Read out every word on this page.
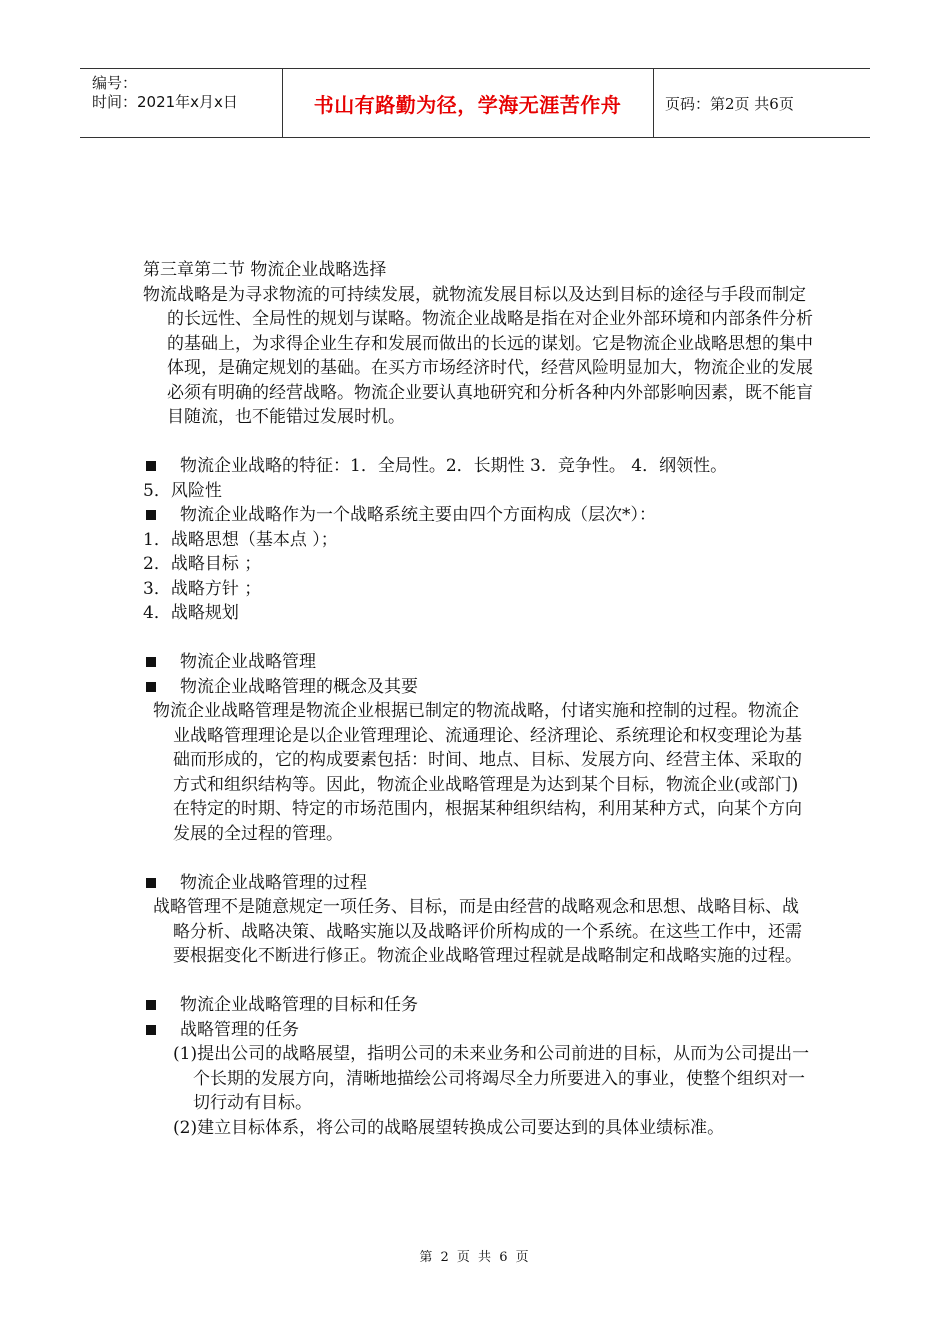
编号：
时间：2021年x月x日	书山有路勤为径，学海无涯苦作舟	页码：第2页 共6页

第三章第二节 物流企业战略选择

物流战略是为寻求物流的可持续发展，就物流发展目标以及达到目标的途径与手段而制定的长远性、全局性的规划与谋略。物流企业战略是指在对企业外部环境和内部条件分析的基础上，为求得企业生存和发展而做出的长远的谋划。它是物流企业战略思想的集中体现，是确定规划的基础。在买方市场经济时代，经营风险明显加大，物流企业的发展必须有明确的经营战略。物流企业要认真地研究和分析各种内外部影响因素，既不能盲目随流，也不能错过发展时机。

物流企业战略的特征：1．全局性。2．长期性 3．竞争性。 4．纲领性。

5．风险性

物流企业战略作为一个战略系统主要由四个方面构成（层次*）：

1．战略思想（基本点 ）；

2．战略目标 ；

3．战略方针 ；

4．战略规划

物流企业战略管理

物流企业战略管理的概念及其要

物流企业战略管理是物流企业根据已制定的物流战略，付诸实施和控制的过程。物流企业战略管理理论是以企业管理理论、流通理论、经济理论、系统理论和权变理论为基础而形成的，它的构成要素包括：时间、地点、目标、发展方向、经营主体、采取的方式和组织结构等。因此，物流企业战略管理是为达到某个目标，物流企业(或部门)在特定的时期、特定的市场范围内，根据某种组织结构，利用某种方式，向某个方向发展的全过程的管理。

物流企业战略管理的过程

战略管理不是随意规定一项任务、目标，而是由经营的战略观念和思想、战略目标、战略分析、战略决策、战略实施以及战略评价所构成的一个系统。在这些工作中，还需要根据变化不断进行修正。物流企业战略管理过程就是战略制定和战略实施的过程。

物流企业战略管理的目标和任务

战略管理的任务

(1)提出公司的战略展望，指明公司的未来业务和公司前进的目标，从而为公司提出一个长期的发展方向，清晰地描绘公司将竭尽全力所要进入的事业，使整个组织对一切行动有目标。

(2)建立目标体系，将公司的战略展望转换成公司要达到的具体业绩标准。

第 2 页 共 6 页
